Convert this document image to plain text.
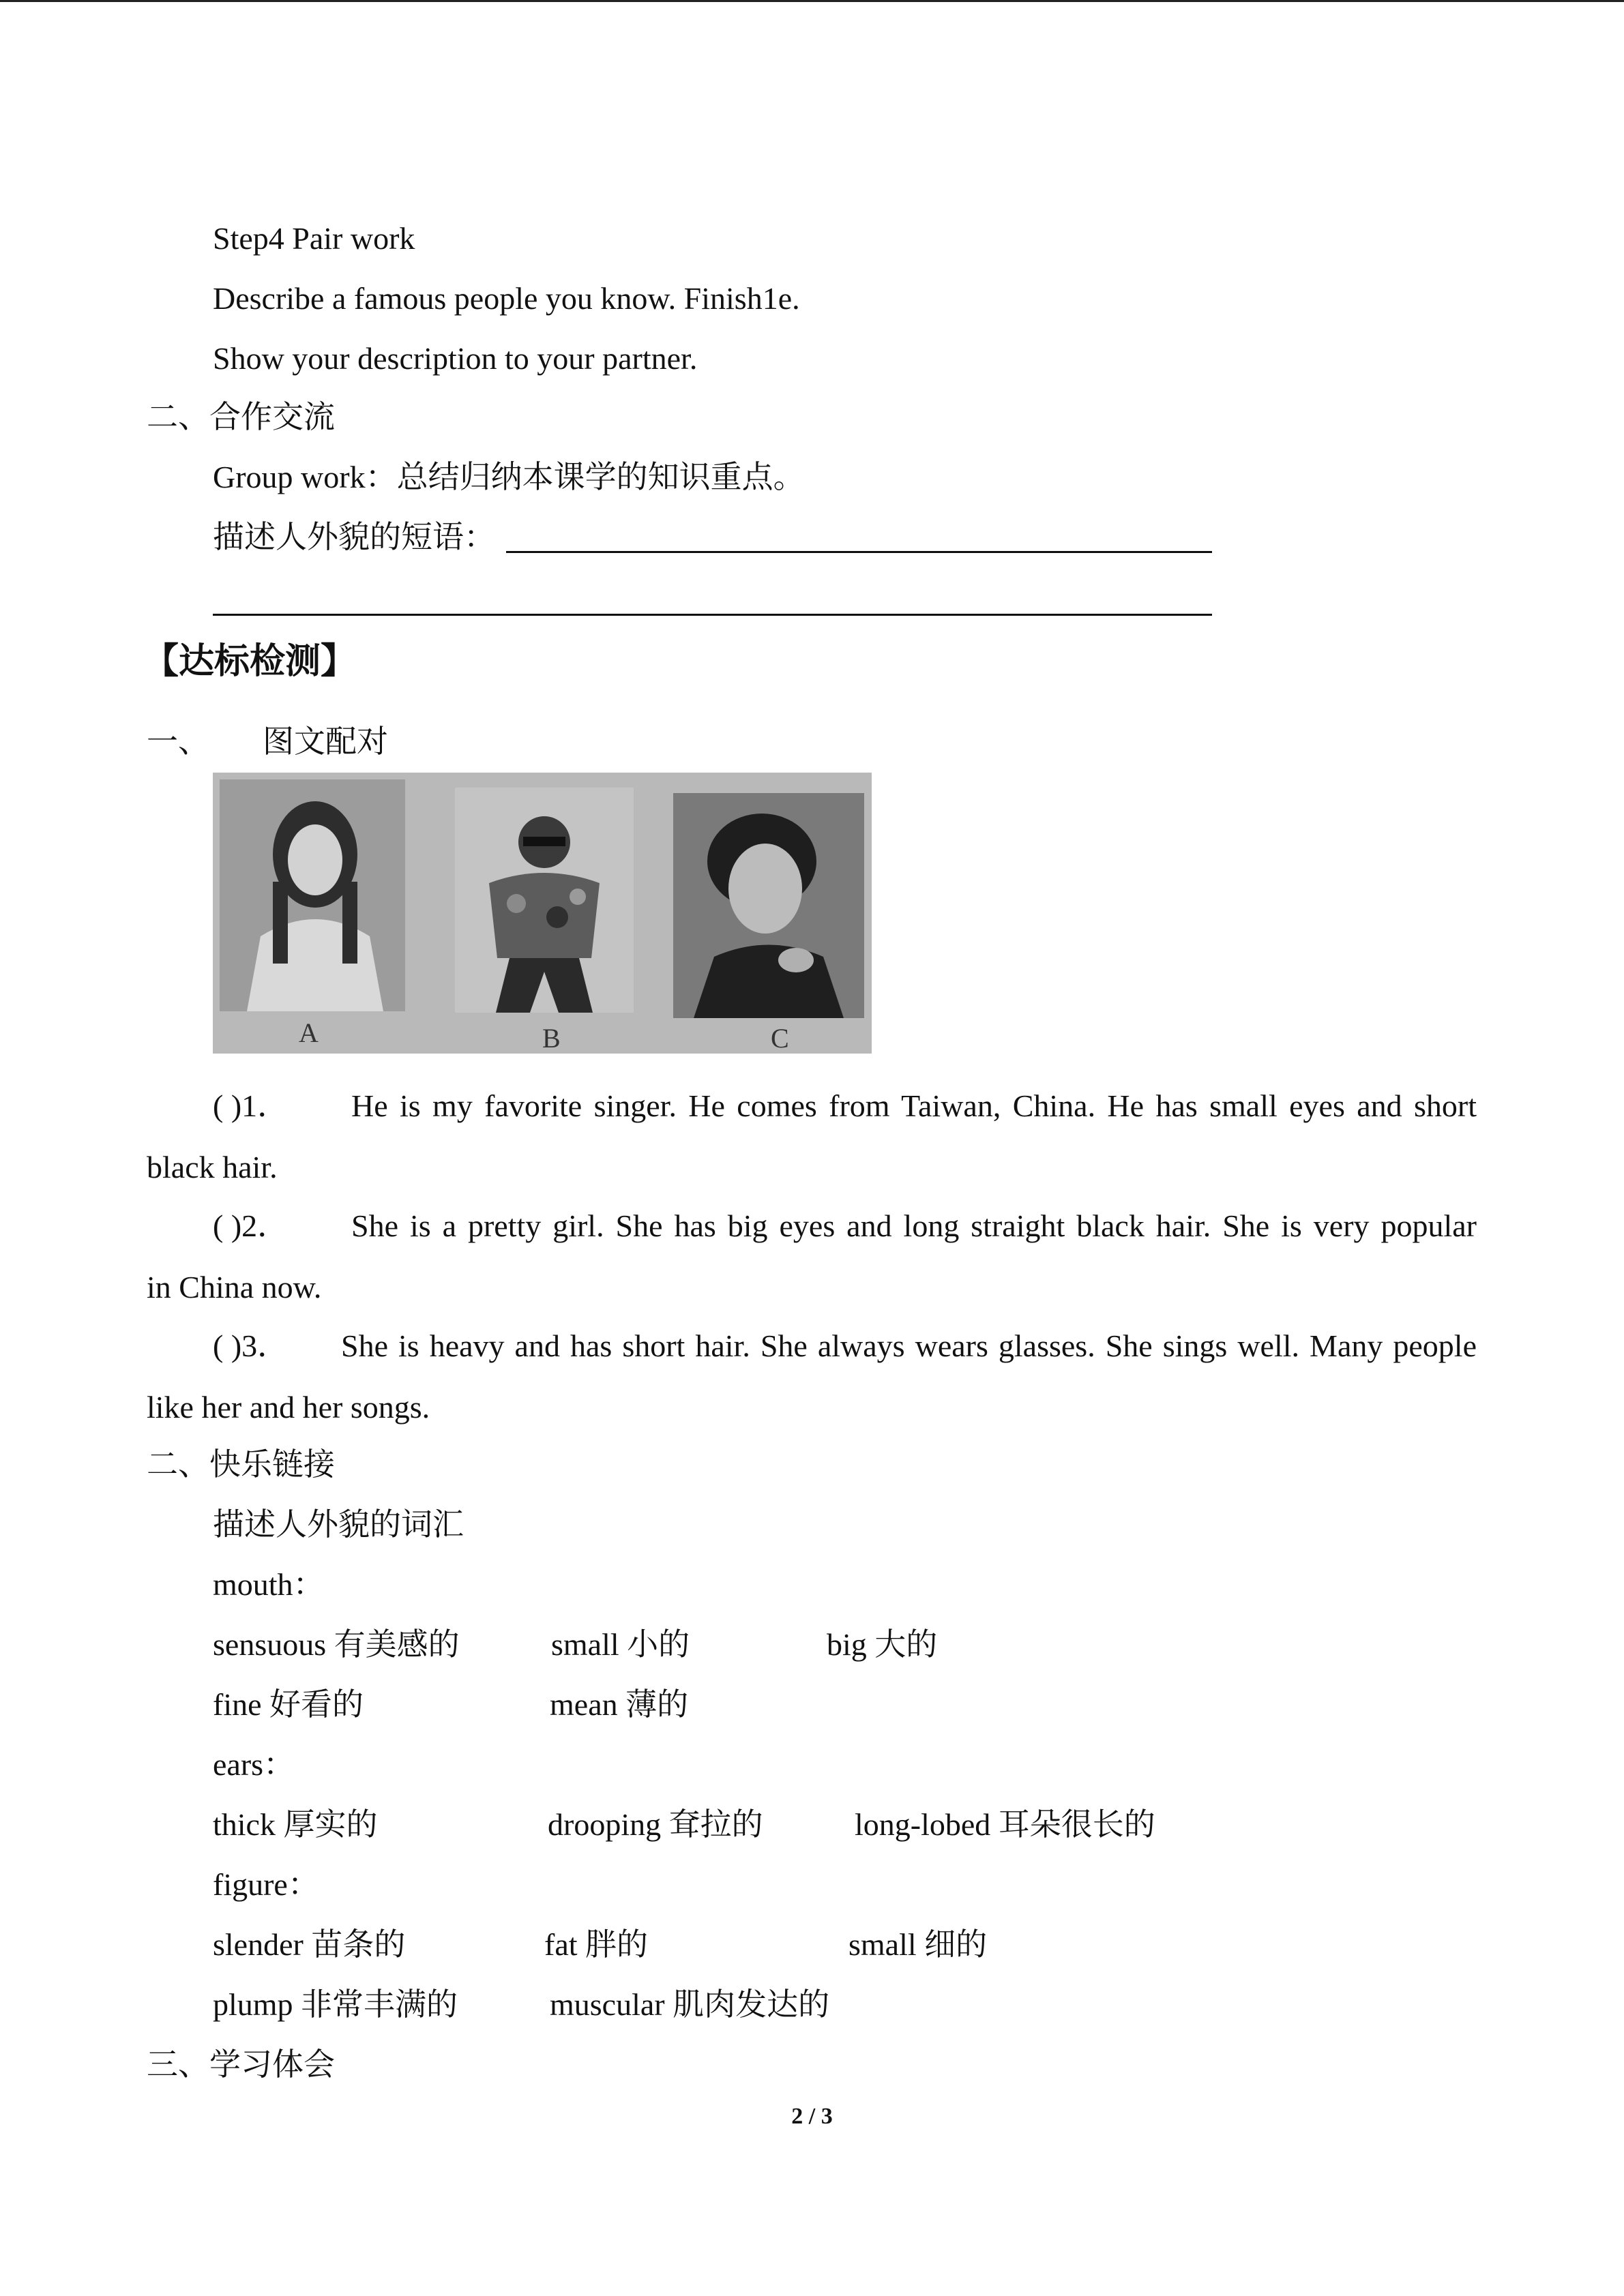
Step4 Pair work
Describe a famous people you know. Finish1e.
Show your description to your partner.
二、合作交流
Group work：总结归纳本课学的知识重点。
描述人外貌的短语：
【达标检测】
一、 图文配对
A	B	C
( )1． He is my favorite singer. He comes from Taiwan, China. He has small eyes and short
black hair.
( )2． She is a pretty girl. She has big eyes and long straight black hair. She is very popular
in China now.
( )3． She is heavy and has short hair. She always wears glasses. She sings well. Many people
like her and her songs.
二、快乐链接
描述人外貌的词汇
mouth：
sensuous 有美感的	small 小的	big 大的
fine 好看的	mean 薄的
ears：
thick 厚实的	drooping 耷拉的	long-lobed 耳朵很长的
figure：
slender 苗条的	fat 胖的	small 细的
plump 非常丰满的	muscular 肌肉发达的
三、学习体会
2 / 3
